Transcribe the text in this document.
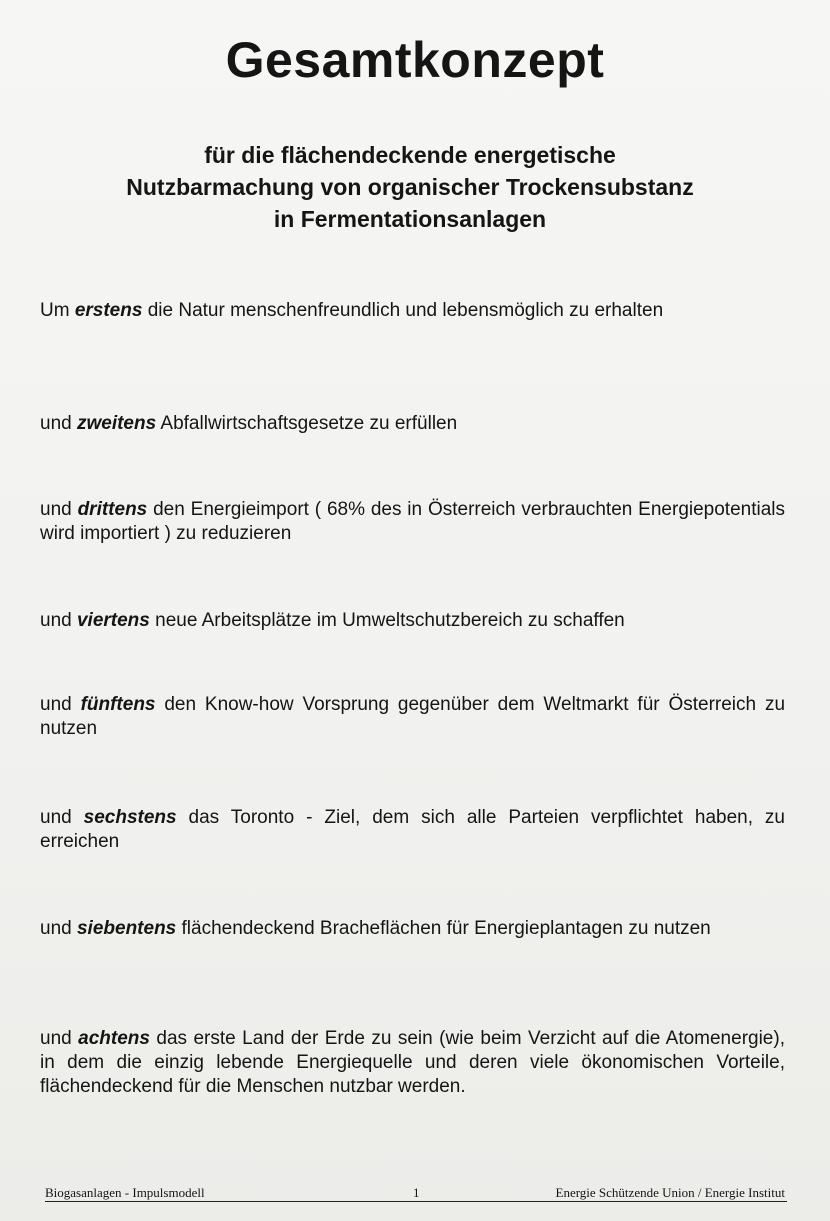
Gesamtkonzept
für die flächendeckende energetische
Nutzbarmachung von organischer Trockensubstanz
in Fermentationsanlagen
Um erstens die Natur menschenfreundlich und lebensmöglich zu erhalten
und zweitens Abfallwirtschaftsgesetze zu erfüllen
und drittens den Energieimport ( 68% des in Österreich verbrauchten Energiepotentials wird importiert ) zu reduzieren
und viertens neue Arbeitsplätze im Umweltschutzbereich zu schaffen
und fünftens den Know-how Vorsprung gegenüber dem Weltmarkt für Österreich zu nutzen
und sechstens das Toronto - Ziel, dem sich alle Parteien verpflichtet haben, zu erreichen
und siebentens flächendeckend Bracheflächen für Energieplantagen zu nutzen
und achtens das erste Land der Erde zu sein (wie beim Verzicht auf die Atomenergie), in dem die einzig lebende Energiequelle und deren viele ökonomischen Vorteile, flächendeckend für die Menschen nutzbar werden.
Biogasanlagen - Impulsmodell	1	Energie Schützende Union / Energie Institut
